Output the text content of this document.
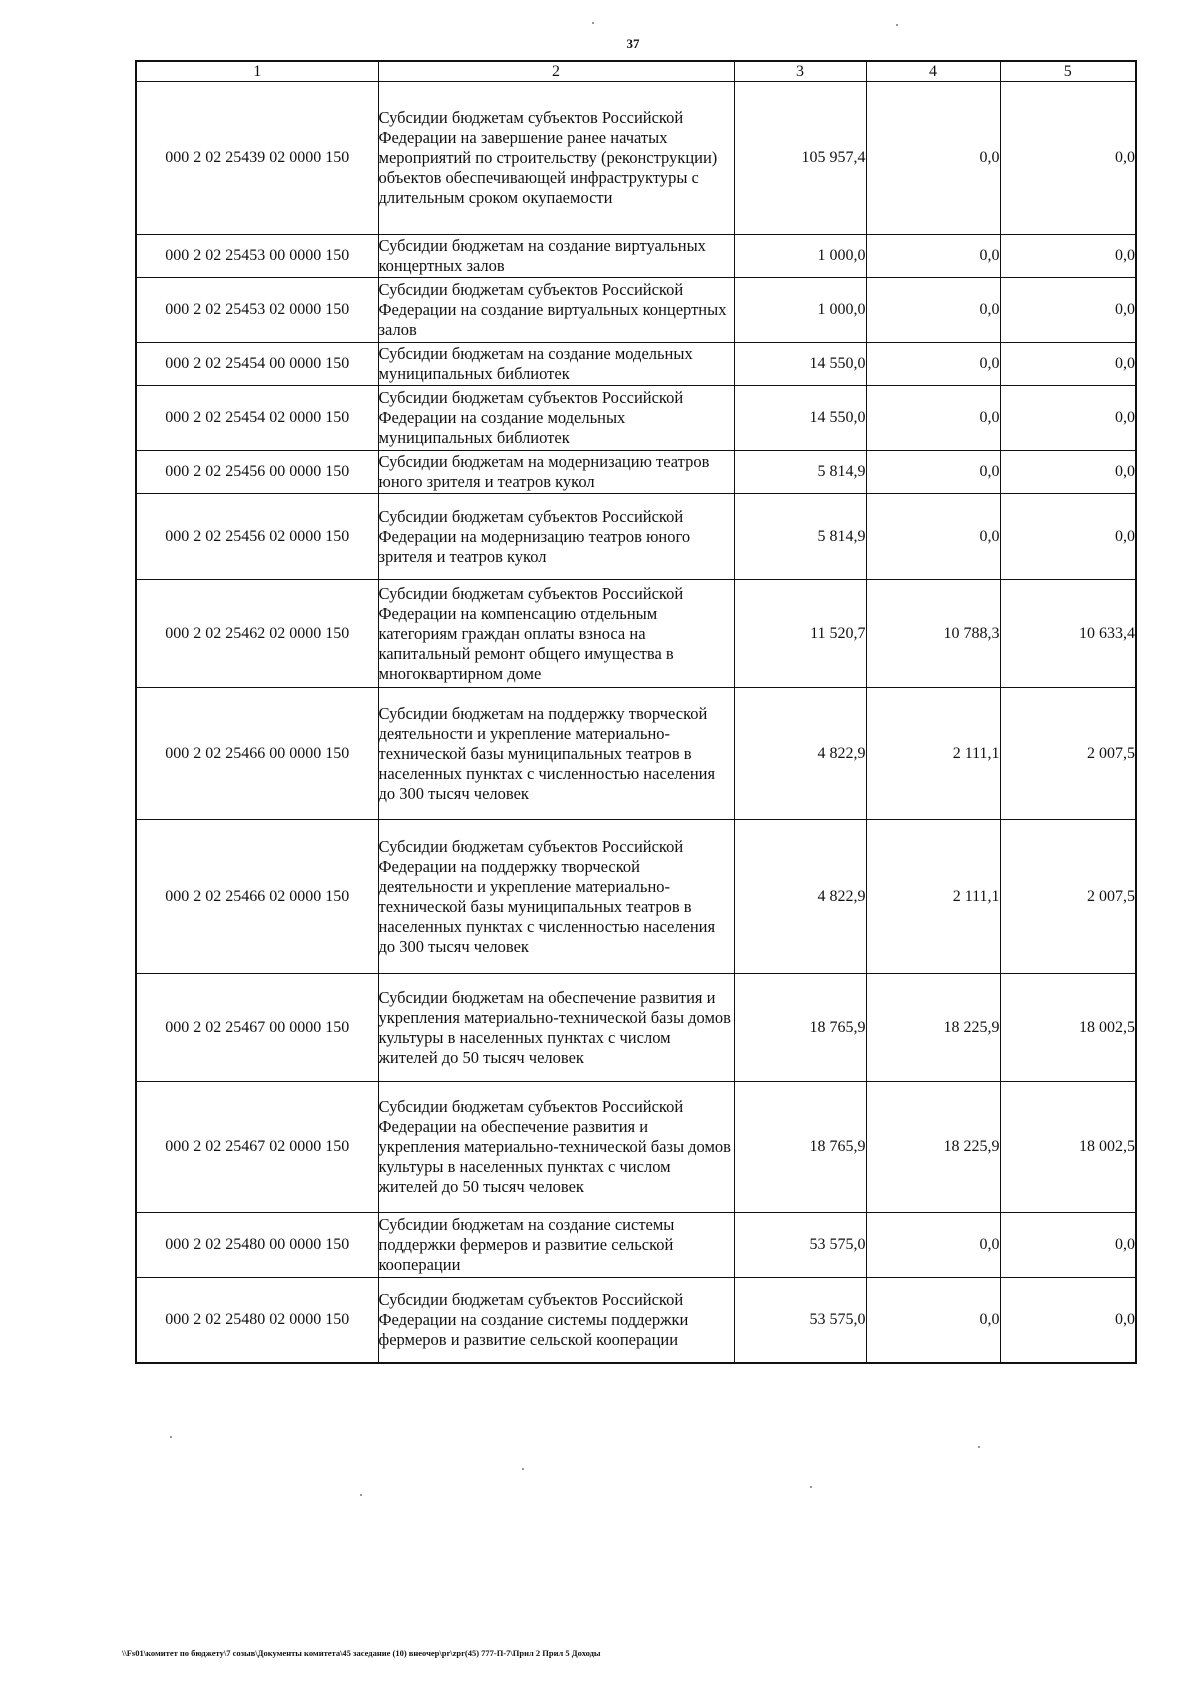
37
1	2	3	4	5
000 2 02 25439 02 0000 150	Субсидии бюджетам субъектов Российской Федерации на завершение ранее начатых мероприятий по строительству (реконструкции) объектов обеспечивающей инфраструктуры с длительным сроком окупаемости	105 957,4	0,0	0,0
000 2 02 25453 00 0000 150	Субсидии бюджетам на создание виртуальных концертных залов	1 000,0	0,0	0,0
000 2 02 25453 02 0000 150	Субсидии бюджетам субъектов Российской Федерации на создание виртуальных концертных залов	1 000,0	0,0	0,0
000 2 02 25454 00 0000 150	Субсидии бюджетам на создание модельных муниципальных библиотек	14 550,0	0,0	0,0
000 2 02 25454 02 0000 150	Субсидии бюджетам субъектов Российской Федерации на создание модельных муниципальных библиотек	14 550,0	0,0	0,0
000 2 02 25456 00 0000 150	Субсидии бюджетам на модернизацию театров юного зрителя и театров кукол	5 814,9	0,0	0,0
000 2 02 25456 02 0000 150	Субсидии бюджетам субъектов Российской Федерации на модернизацию театров юного зрителя и театров кукол	5 814,9	0,0	0,0
000 2 02 25462 02 0000 150	Субсидии бюджетам субъектов Российской Федерации на компенсацию отдельным категориям граждан оплаты взноса на капитальный ремонт общего имущества в многоквартирном доме	11 520,7	10 788,3	10 633,4
000 2 02 25466 00 0000 150	Субсидии бюджетам на поддержку творческой деятельности и укрепление материально-технической базы муниципальных театров в населенных пунктах с численностью населения до 300 тысяч человек	4 822,9	2 111,1	2 007,5
000 2 02 25466 02 0000 150	Субсидии бюджетам субъектов Российской Федерации на поддержку творческой деятельности и укрепление материально-технической базы муниципальных театров в населенных пунктах с численностью населения до 300 тысяч человек	4 822,9	2 111,1	2 007,5
000 2 02 25467 00 0000 150	Субсидии бюджетам на обеспечение развития и укрепления материально-технической базы домов культуры в населенных пунктах с числом жителей до 50 тысяч человек	18 765,9	18 225,9	18 002,5
000 2 02 25467 02 0000 150	Субсидии бюджетам субъектов Российской Федерации на обеспечение развития и укрепления материально-технической базы домов культуры в населенных пунктах с числом жителей до 50 тысяч человек	18 765,9	18 225,9	18 002,5
000 2 02 25480 00 0000 150	Субсидии бюджетам на создание системы поддержки фермеров и развитие сельской кооперации	53 575,0	0,0	0,0
000 2 02 25480 02 0000 150	Субсидии бюджетам субъектов Российской Федерации на создание системы поддержки фермеров и развитие сельской кооперации	53 575,0	0,0	0,0
\\Fs01\комитет по бюджету\7 созыв\Документы комитета\45 заседание (10) внеочер\pr\zpr(45) 777-П-7\Прил 2 Прил 5 Доходы
